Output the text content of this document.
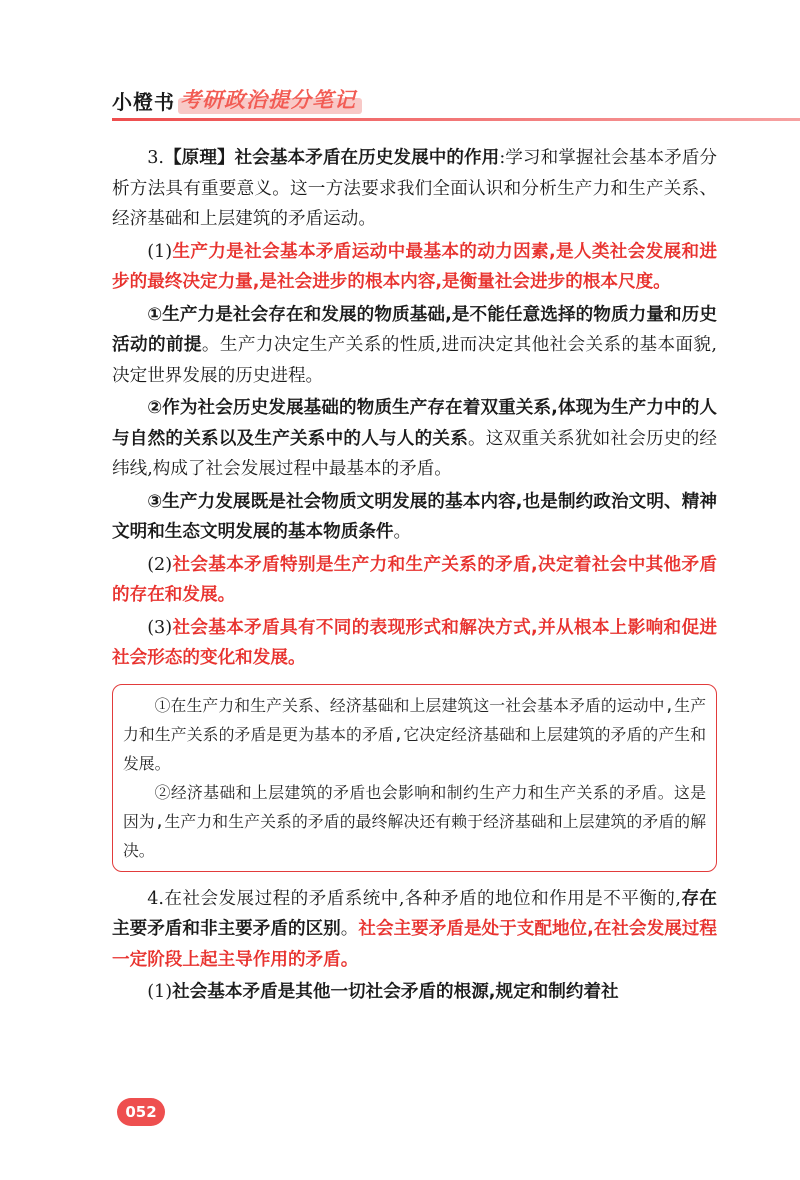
小橙书 考研政治提分笔记

3.【原理】社会基本矛盾在历史发展中的作用:学习和掌握社会基本矛盾分析方法具有重要意义。这一方法要求我们全面认识和分析生产力和生产关系、经济基础和上层建筑的矛盾运动。

(1)生产力是社会基本矛盾运动中最基本的动力因素,是人类社会发展和进步的最终决定力量,是社会进步的根本内容,是衡量社会进步的根本尺度。

①生产力是社会存在和发展的物质基础,是不能任意选择的物质力量和历史活动的前提。生产力决定生产关系的性质,进而决定其他社会关系的基本面貌,决定世界发展的历史进程。

②作为社会历史发展基础的物质生产存在着双重关系,体现为生产力中的人与自然的关系以及生产关系中的人与人的关系。这双重关系犹如社会历史的经纬线,构成了社会发展过程中最基本的矛盾。

③生产力发展既是社会物质文明发展的基本内容,也是制约政治文明、精神文明和生态文明发展的基本物质条件。

(2)社会基本矛盾特别是生产力和生产关系的矛盾,决定着社会中其他矛盾的存在和发展。

(3)社会基本矛盾具有不同的表现形式和解决方式,并从根本上影响和促进社会形态的变化和发展。

①在生产力和生产关系、经济基础和上层建筑这一社会基本矛盾的运动中,生产力和生产关系的矛盾是更为基本的矛盾,它决定经济基础和上层建筑的矛盾的产生和发展。

②经济基础和上层建筑的矛盾也会影响和制约生产力和生产关系的矛盾。这是因为,生产力和生产关系的矛盾的最终解决还有赖于经济基础和上层建筑的矛盾的解决。

4.在社会发展过程的矛盾系统中,各种矛盾的地位和作用是不平衡的,存在主要矛盾和非主要矛盾的区别。社会主要矛盾是处于支配地位,在社会发展过程一定阶段上起主导作用的矛盾。

(1)社会基本矛盾是其他一切社会矛盾的根源,规定和制约着社

052
